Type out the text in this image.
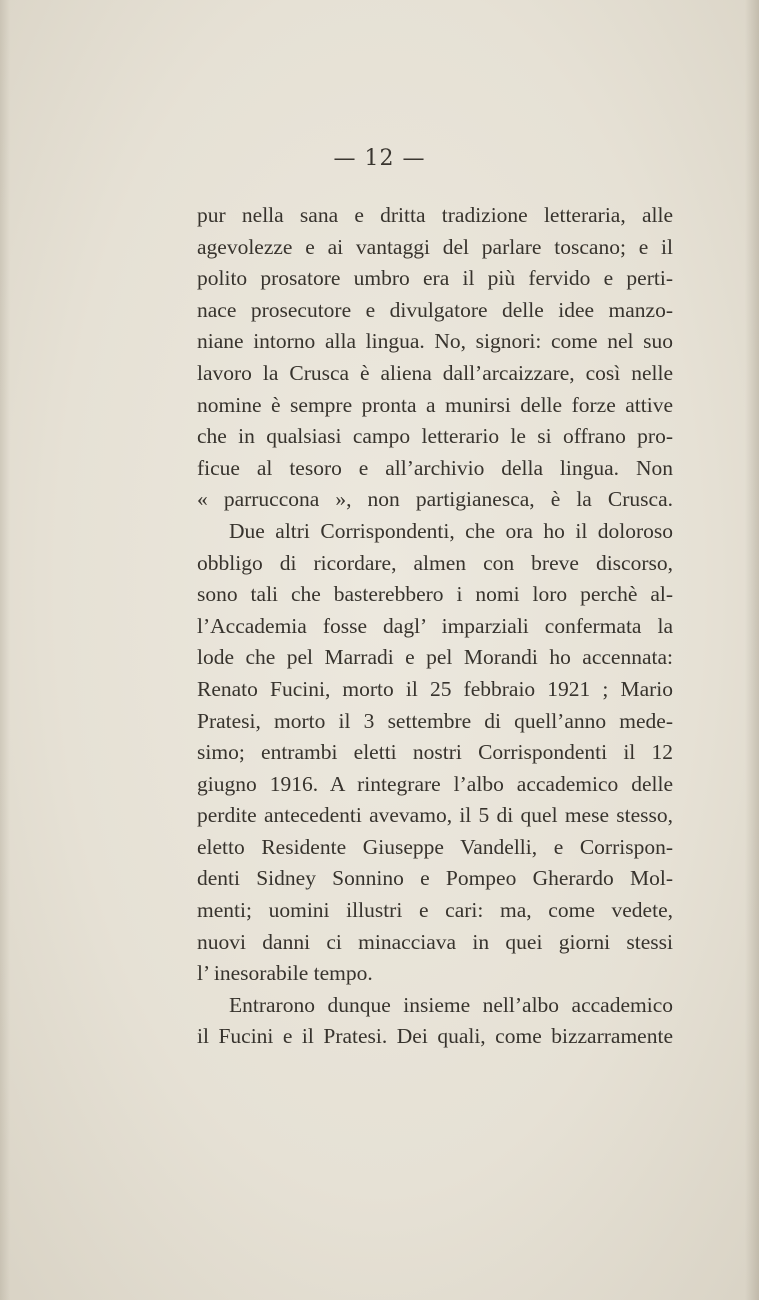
— 12 —
pur nella sana e dritta tradizione letteraria, alle
agevolezze e ai vantaggi del parlare toscano; e il
polito prosatore umbro era il più fervido e perti-
nace prosecutore e divulgatore delle idee manzo-
niane intorno alla lingua. No, signori: come nel suo
lavoro la Crusca è aliena dall’arcaizzare, così nelle
nomine è sempre pronta a munirsi delle forze attive
che in qualsiasi campo letterario le si offrano pro-
ficue al tesoro e all’archivio della lingua. Non
« parruccona », non partigianesca, è la Crusca.
Due altri Corrispondenti, che ora ho il doloroso
obbligo di ricordare, almen con breve discorso,
sono tali che basterebbero i nomi loro perchè al-
l’Accademia fosse dagl’ imparziali confermata la
lode che pel Marradi e pel Morandi ho accennata:
Renato Fucini, morto il 25 febbraio 1921 ; Mario
Pratesi, morto il 3 settembre di quell’anno mede-
simo; entrambi eletti nostri Corrispondenti il 12
giugno 1916. A rintegrare l’albo accademico delle
perdite antecedenti avevamo, il 5 di quel mese stesso,
eletto Residente Giuseppe Vandelli, e Corrispon-
denti Sidney Sonnino e Pompeo Gherardo Mol-
menti; uomini illustri e cari: ma, come vedete,
nuovi danni ci minacciava in quei giorni stessi
l’ inesorabile tempo.
Entrarono dunque insieme nell’albo accademico
il Fucini e il Pratesi. Dei quali, come bizzarramente
